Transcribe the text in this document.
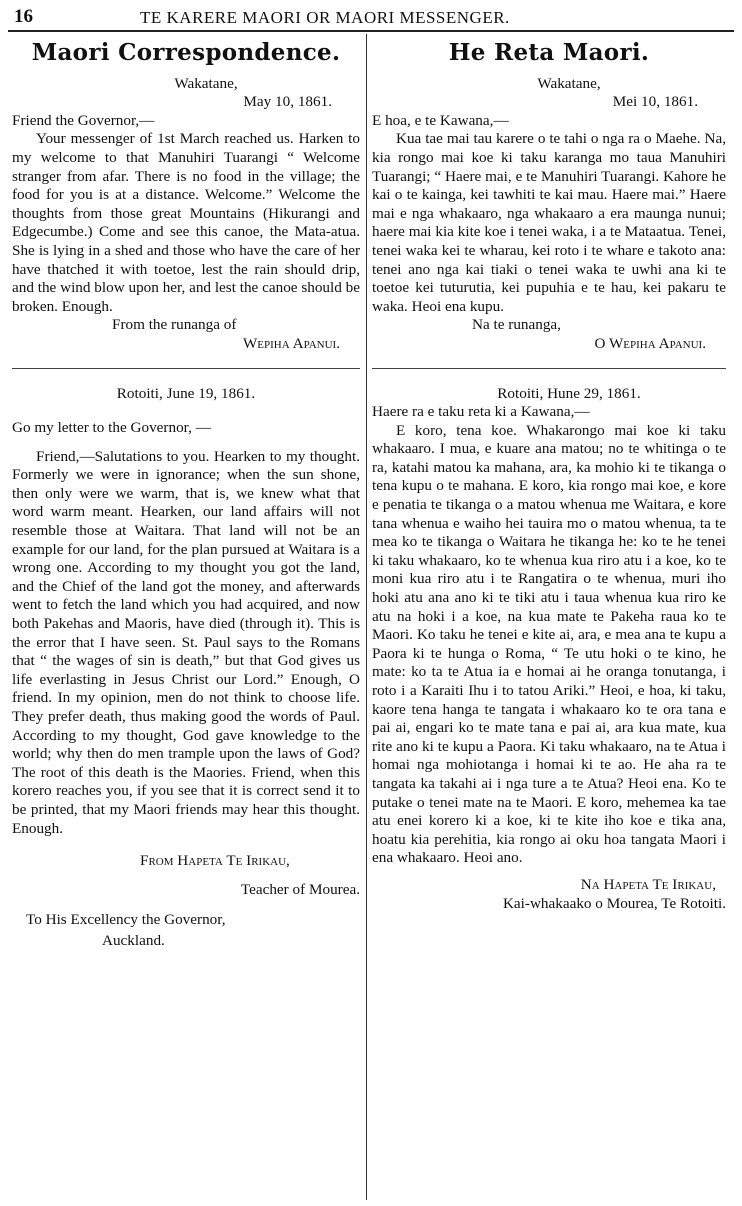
16	TE KARERE MAORI OR MAORI MESSENGER.
Maori Correspondence.

Wakatane,

May 10, 1861.

Friend the Governor,—

Your messenger of 1st March reached us. Harken to my welcome to that Manuhiri Tuarangi “ Welcome stranger from afar. There is no food in the village; the food for you is at a distance. Welcome.” Welcome the thoughts from those great Mountains (Hikurangi and Edgecumbe.) Come and see this canoe, the Mata-atua. She is lying in a shed and those who have the care of her have thatched it with toetoe, lest the rain should drip, and the wind blow upon her, and lest the canoe should be broken. Enough.

From the runanga of

Wepiha Apanui.

Rotoiti, June 19, 1861.

Go my letter to the Governor, —

Friend,—Salutations to you. Hearken to my thought. Formerly we were in ignorance; when the sun shone, then only were we warm, that is, we knew what that word warm meant. Hearken, our land affairs will not resemble those at Waitara. That land will not be an example for our land, for the plan pursued at Waitara is a wrong one. According to my thought you got the land, and the Chief of the land got the money, and afterwards went to fetch the land which you had acquired, and now both Pakehas and Maoris, have died (through it). This is the error that I have seen. St. Paul says to the Romans that “ the wages of sin is death,” but that God gives us life everlasting in Jesus Christ our Lord.” Enough, O friend. In my opinion, men do not think to choose life. They prefer death, thus making good the words of Paul. According to my thought, God gave knowledge to the world; why then do men trample upon the laws of God? The root of this death is the Maories. Friend, when this korero reaches you, if you see that it is correct send it to be printed, that my Maori friends may hear this thought. Enough.

From Hapeta Te Irikau,

Teacher of Mourea.

To His Excellency the Governor,

Auckland.

He Reta Maori.

Wakatane,

Mei 10, 1861.

E hoa, e te Kawana,—

Kua tae mai tau karere o te tahi o nga ra o Maehe. Na, kia rongo mai koe ki taku karanga mo taua Manuhiri Tuarangi; “ Haere mai, e te Manuhiri Tuarangi. Kahore he kai o te kainga, kei tawhiti te kai mau. Haere mai.” Haere mai e nga whakaaro, nga whakaaro a era maunga nunui; haere mai kia kite koe i tenei waka, i a te Mataatua. Tenei, tenei waka kei te wharau, kei roto i te whare e takoto ana: tenei ano nga kai tiaki o tenei waka te uwhi ana ki te toetoe kei tuturutia, kei pupuhia e te hau, kei pakaru te waka. Heoi ena kupu.

Na te runanga,

O Wepiha Apanui.

Rotoiti, Hune 29, 1861.

Haere ra e taku reta ki a Kawana,—

E koro, tena koe. Whakarongo mai koe ki taku whakaaro. I mua, e kuare ana matou; no te whitinga o te ra, katahi matou ka mahana, ara, ka mohio ki te tikanga o tena kupu o te mahana. E koro, kia rongo mai koe, e kore e penatia te tikanga o a matou whenua me Waitara, e kore tana whenua e waiho hei tauira mo o matou whenua, ta te mea ko te tikanga o Waitara he tikanga he: ko te he tenei ki taku whakaaro, ko te whenua kua riro atu i a koe, ko te moni kua riro atu i te Rangatira o te whenua, muri iho hoki atu ana ano ki te tiki atu i taua whenua kua riro ke atu na hoki i a koe, na kua mate te Pakeha raua ko te Maori. Ko taku he tenei e kite ai, ara, e mea ana te kupu a Paora ki te hunga o Roma, “ Te utu hoki o te kino, he mate: ko ta te Atua ia e homai ai he oranga tonutanga, i roto i a Karaiti Ihu i to tatou Ariki.” Heoi, e hoa, ki taku, kaore tena hanga te tangata i whakaaro ko te ora tana e pai ai, engari ko te mate tana e pai ai, ara kua mate, kua rite ano ki te kupu a Paora. Ki taku whakaaro, na te Atua i homai nga mohiotanga i homai ki te ao. He aha ra te tangata ka takahi ai i nga ture a te Atua? Heoi ena. Ko te putake o tenei mate na te Maori. E koro, mehemea ka tae atu enei korero ki a koe, ki te kite iho koe e tika ana, hoatu kia perehitia, kia rongo ai oku hoa tangata Maori i ena whakaaro. Heoi ano.

Na Hapeta Te Irikau,

Kai-whakaako o Mourea, Te Rotoiti.
